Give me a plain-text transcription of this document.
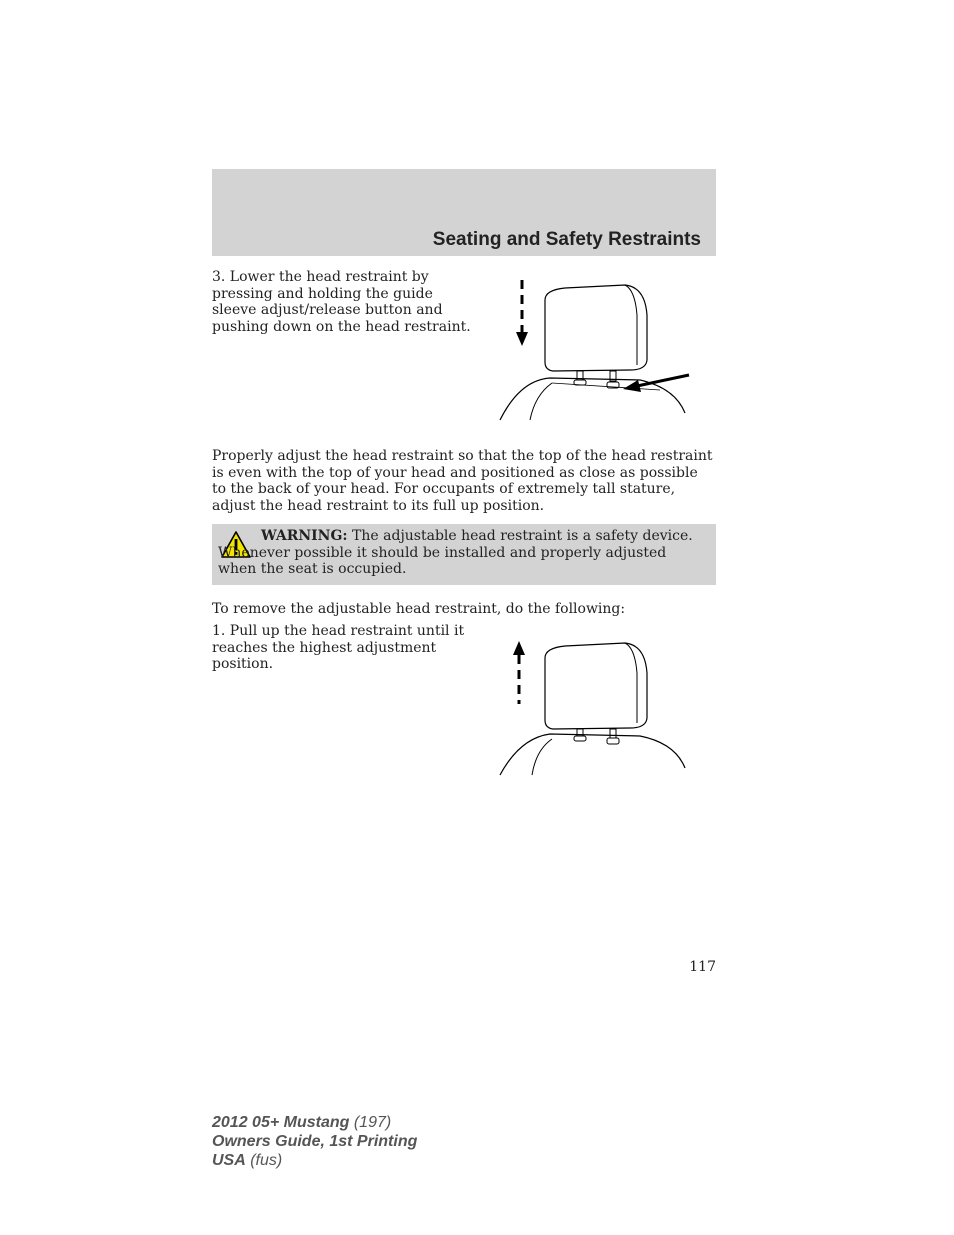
Seating and Safety Restraints

3. Lower the head restraint by pressing and holding the guide sleeve adjust/release button and pushing down on the head restraint.

Properly adjust the head restraint so that the top of the head restraint is even with the top of your head and positioned as close as possible to the back of your head. For occupants of extremely tall stature, adjust the head restraint to its full up position.

WARNING: The adjustable head restraint is a safety device. Whenever possible it should be installed and properly adjusted when the seat is occupied.

To remove the adjustable head restraint, do the following:

1. Pull up the head restraint until it reaches the highest adjustment position.

117

2012 05+ Mustang (197)
Owners Guide, 1st Printing
USA (fus)
